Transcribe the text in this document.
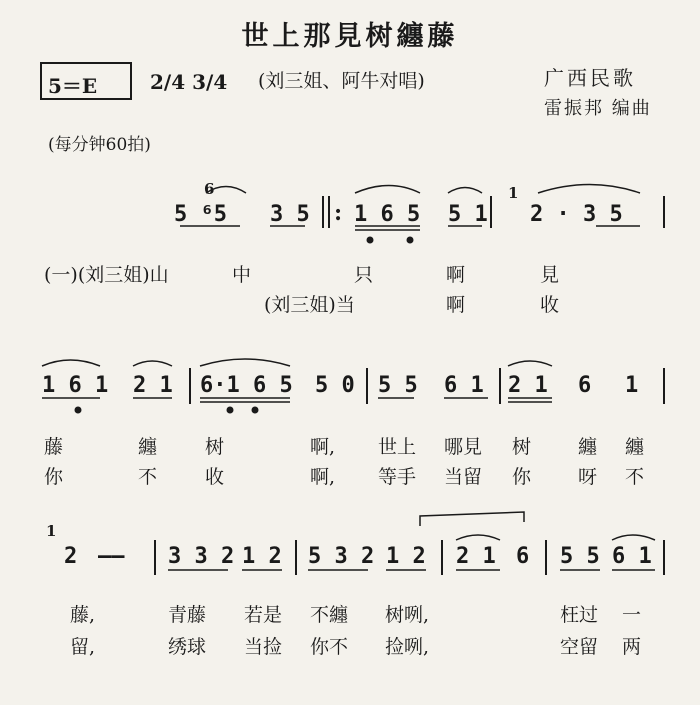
世上那見树纏藤
5＝E	2/4 3/4 (刘三姐、阿牛对唱)	广西民歌
雷振邦 编曲
(每分钟60拍)
5 ⁶5
6
3 5 : 1 6 5 5 1
1
2 · 3 5
(一)(刘三姐)山	中	只	啊	見
(刘三姐)当	啊	收
1 6 1 2 1 6·1 6 5 5 0 5 5 6 1 2 1 6 1
藤	纏	树	啊, 世上 哪見 树 纏 纏
你	不	收	啊, 等手 当留 你 呀 不
1
2 —— 3 3 2 1 2 5 3 2 1 2 2 1 6 5 5 6 1
藤,	青藤 若是 不纏 树咧,	枉过 一
留,	绣球 当捡 你不 捡咧,	空留 两
